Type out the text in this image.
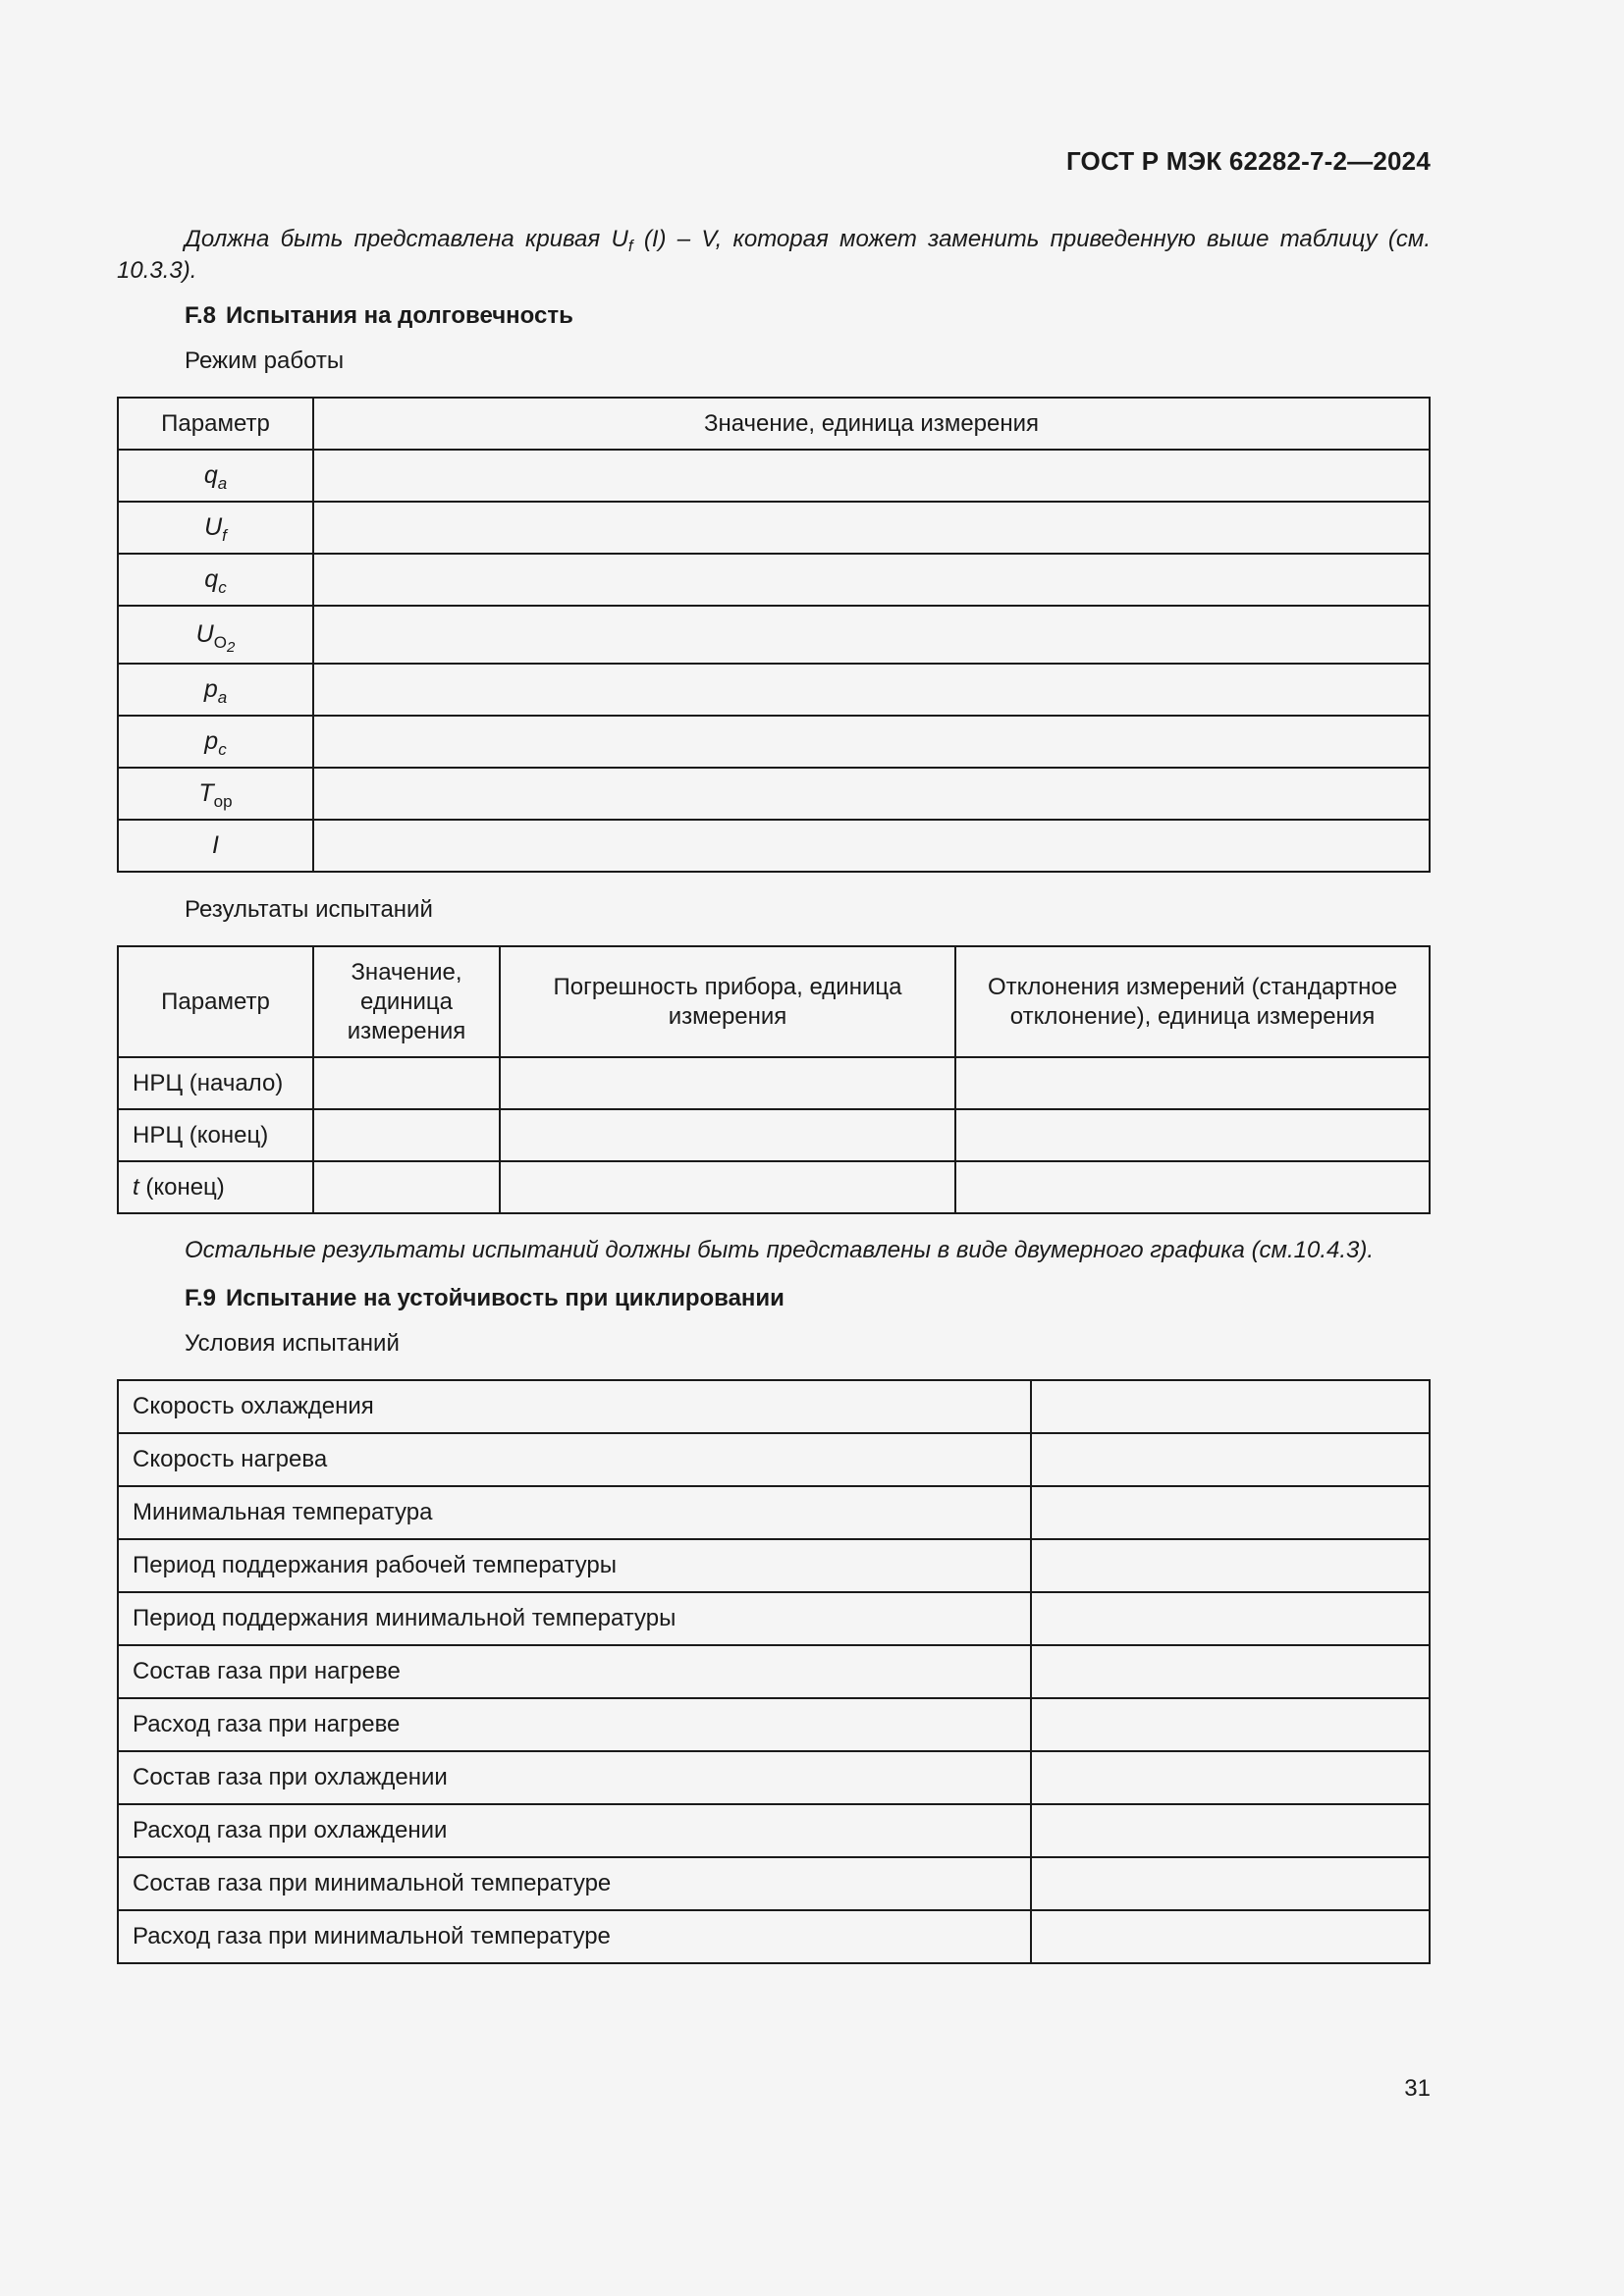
ГОСТ Р МЭК 62282-7-2—2024

Должна быть представлена кривая $U_f$ (I) – V, которая может заменить приведенную выше таблицу (см. 10.3.3).

F.8 Испытания на долговечность
Режим работы
Параметр	Значение, единица измерения
$q_a$	
$U_f$	
$q_c$	
$U_{O_2}$	
$p_a$	
$p_c$	
$T_{op}$	
I	
Результаты испытаний
Параметр	Значение, единица измерения	Погрешность прибора, единица измерения	Отклонения измерений (стандартное отклонение), единица измерения
НРЦ (начало)			
НРЦ (конец)			
t (конец)			
Остальные результаты испытаний должны быть представлены в виде двумерного графика (см.10.4.3).
F.9 Испытание на устойчивость при циклировании
Условия испытаний
Скорость охлаждения	
Скорость нагрева	
Минимальная температура	
Период поддержания рабочей температуры	
Период поддержания минимальной температуры	
Состав газа при нагреве	
Расход газа при нагреве	
Состав газа при охлаждении	
Расход газа при охлаждении	
Состав газа при минимальной температуре	
Расход газа при минимальной температуре	
31
